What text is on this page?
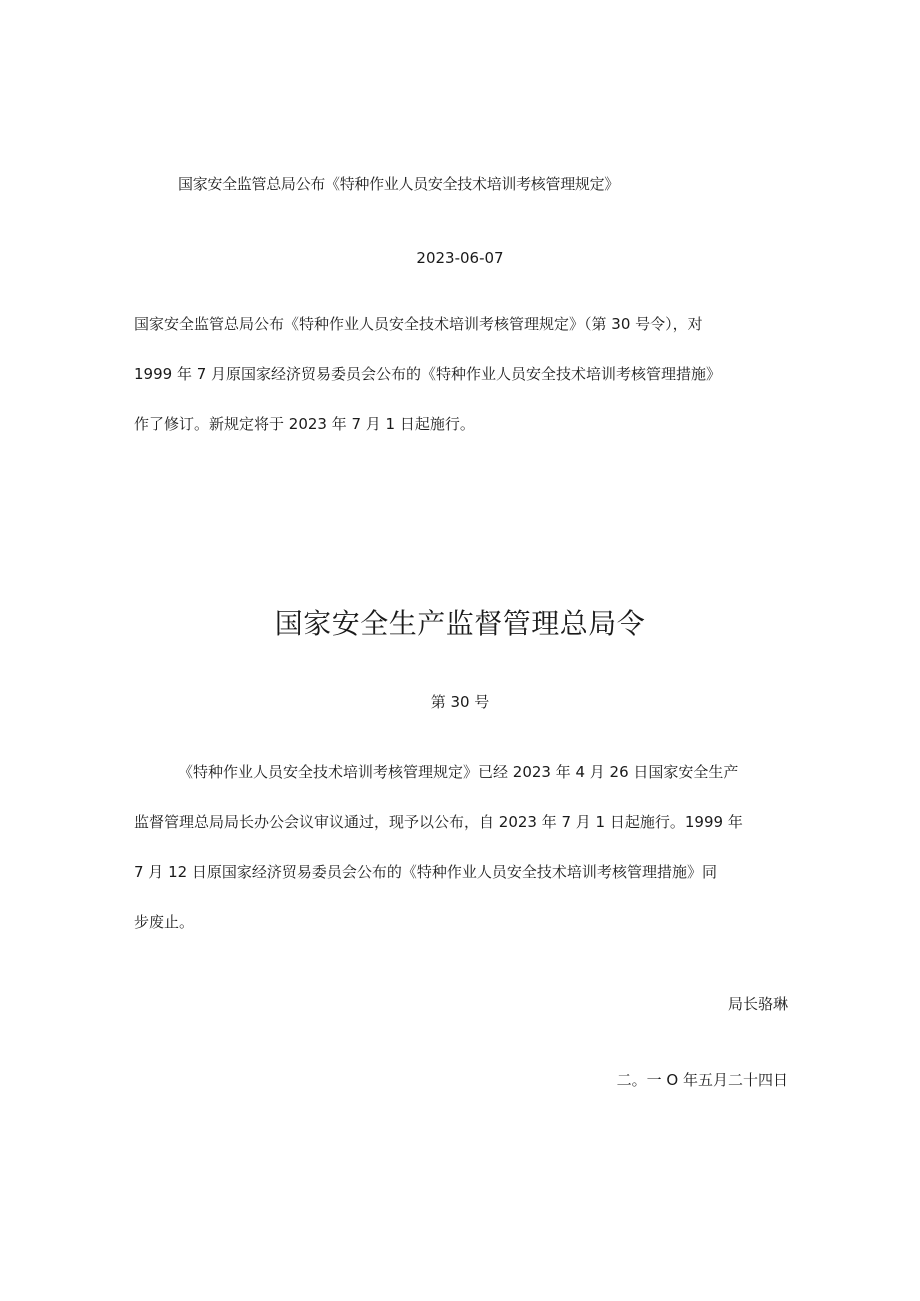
国家安全监管总局公布《特种作业人员安全技术培训考核管理规定》
2023-06-07
国家安全监管总局公布《特种作业人员安全技术培训考核管理规定》（第 30 号令），对
1999 年 7 月原国家经济贸易委员会公布的《特种作业人员安全技术培训考核管理措施》
作了修订。新规定将于 2023 年 7 月 1 日起施行。
国家安全生产监督管理总局令
第 30 号
《特种作业人员安全技术培训考核管理规定》已经 2023 年 4 月 26 日国家安全生产
监督管理总局局长办公会议审议通过，现予以公布，自 2023 年 7 月 1 日起施行。1999 年
7 月 12 日原国家经济贸易委员会公布的《特种作业人员安全技术培训考核管理措施》同
步废止。
局长骆琳
二。一 O 年五月二十四日
